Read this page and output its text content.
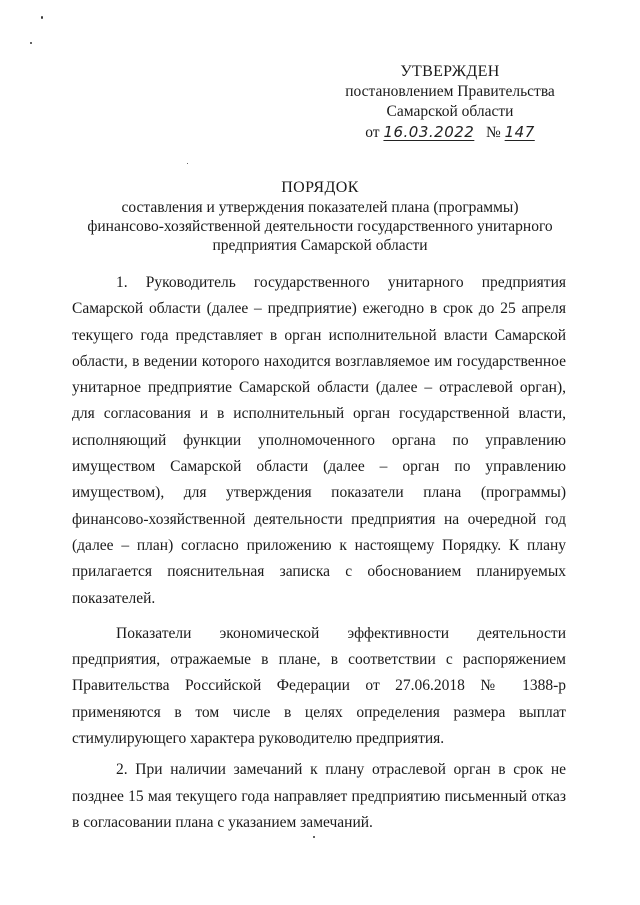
УТВЕРЖДЕН
постановлением Правительства
Самарской области
от 16.03.2022 № 147
ПОРЯДОК
составления и утверждения показателей плана (программы)
финансово-хозяйственной деятельности государственного унитарного
предприятия Самарской области

1. Руководитель государственного унитарного предприятия Самарской области (далее – предприятие) ежегодно в срок до 25 апреля текущего года представляет в орган исполнительной власти Самарской области, в ведении которого находится возглавляемое им государственное унитарное предприятие Самарской области (далее – отраслевой орган), для согласования и в исполнительный орган государственной власти, исполняющий функции уполномоченного органа по управлению имуществом Самарской области (далее – орган по управлению имуществом), для утверждения показатели плана (программы) финансово-хозяйственной деятельности предприятия на очередной год (далее – план) согласно приложению к настоящему Порядку. К плану прилагается пояснительная записка с обоснованием планируемых показателей.

Показатели экономической эффективности деятельности предприятия, отражаемые в плане, в соответствии с распоряжением Правительства Российской Федерации от 27.06.2018 № 1388-р применяются в том числе в целях определения размера выплат стимулирующего характера руководителю предприятия.

2. При наличии замечаний к плану отраслевой орган в срок не позднее 15 мая текущего года направляет предприятию письменный отказ в согласовании плана с указанием замечаний.
